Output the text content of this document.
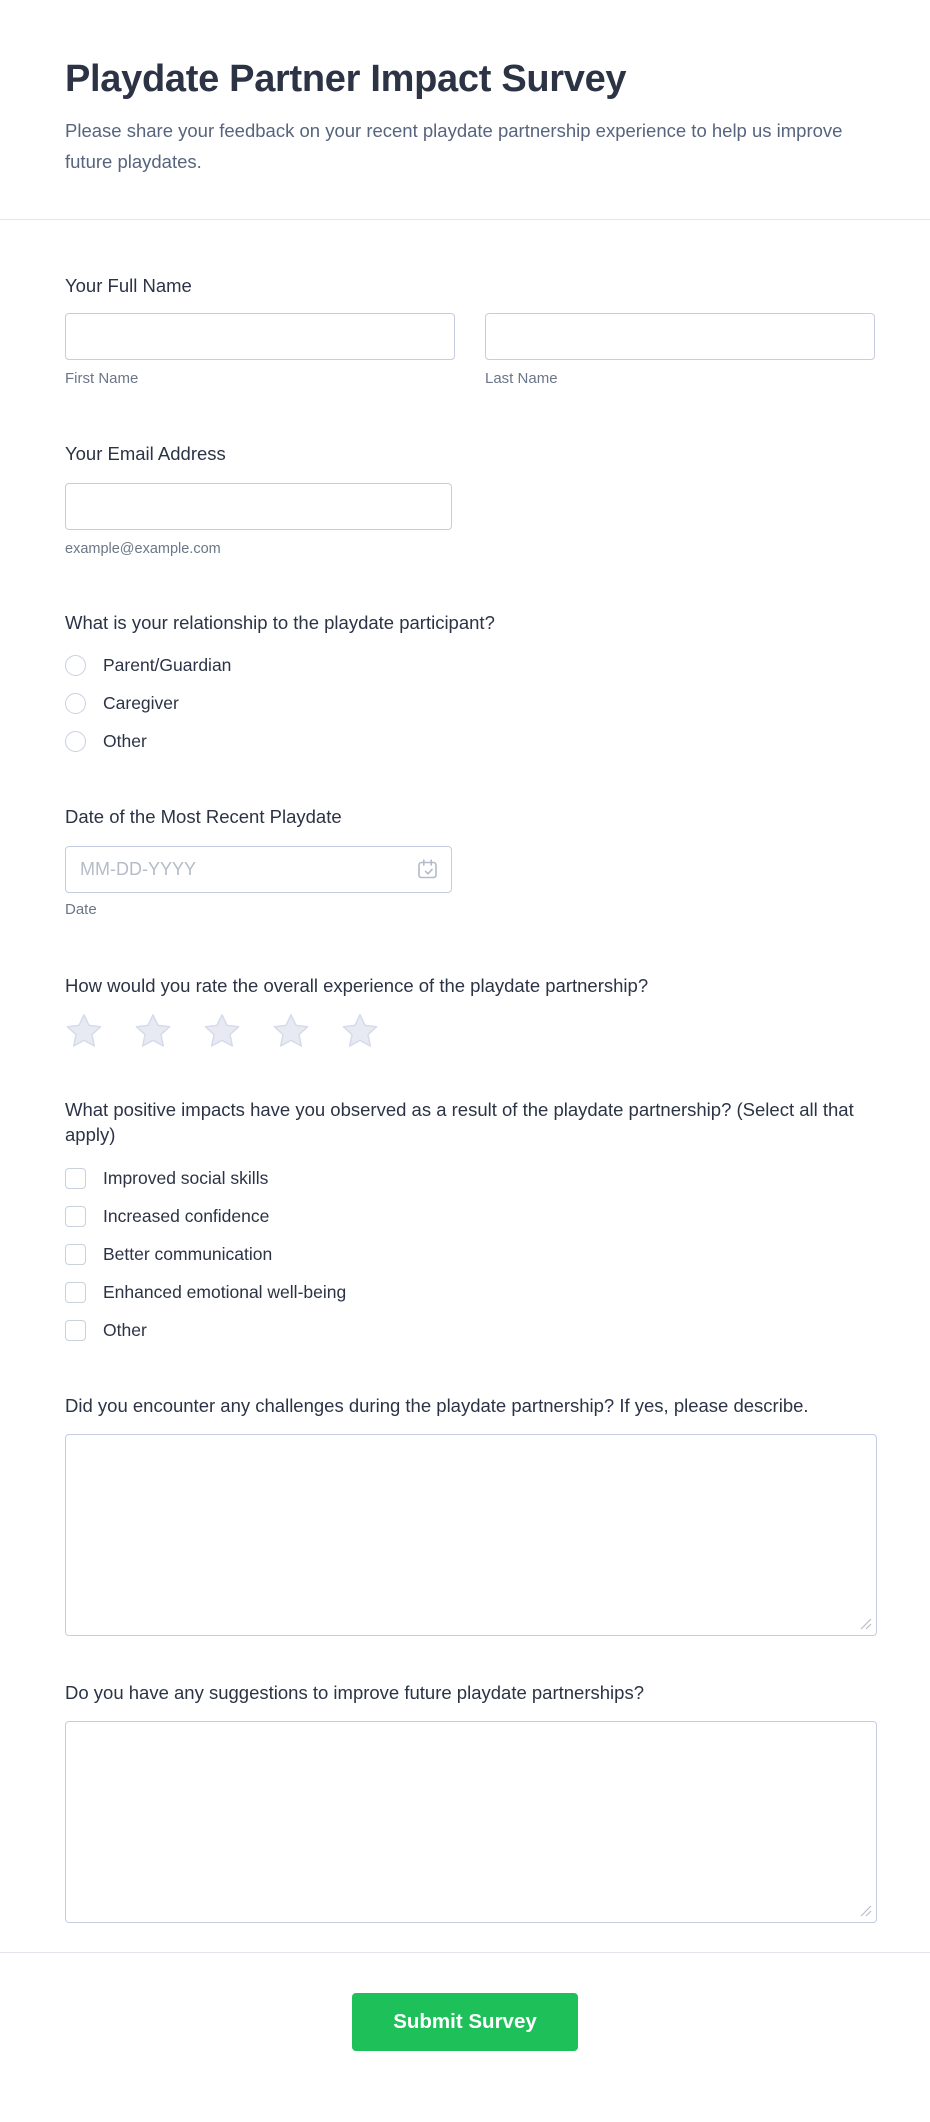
Playdate Partner Impact Survey

Please share your feedback on your recent playdate partnership experience to help us improve future playdates.

Your Full Name
First Name	Last Name
Your Email Address
example@example.com
What is your relationship to the playdate participant?
Parent/Guardian
Caregiver
Other
Date of the Most Recent Playdate
MM-DD-YYYY
Date
How would you rate the overall experience of the playdate partnership?
What positive impacts have you observed as a result of the playdate partnership? (Select all that apply)
Improved social skills
Increased confidence
Better communication
Enhanced emotional well-being
Other
Did you encounter any challenges during the playdate partnership? If yes, please describe.
Do you have any suggestions to improve future playdate partnerships?
Submit Survey
